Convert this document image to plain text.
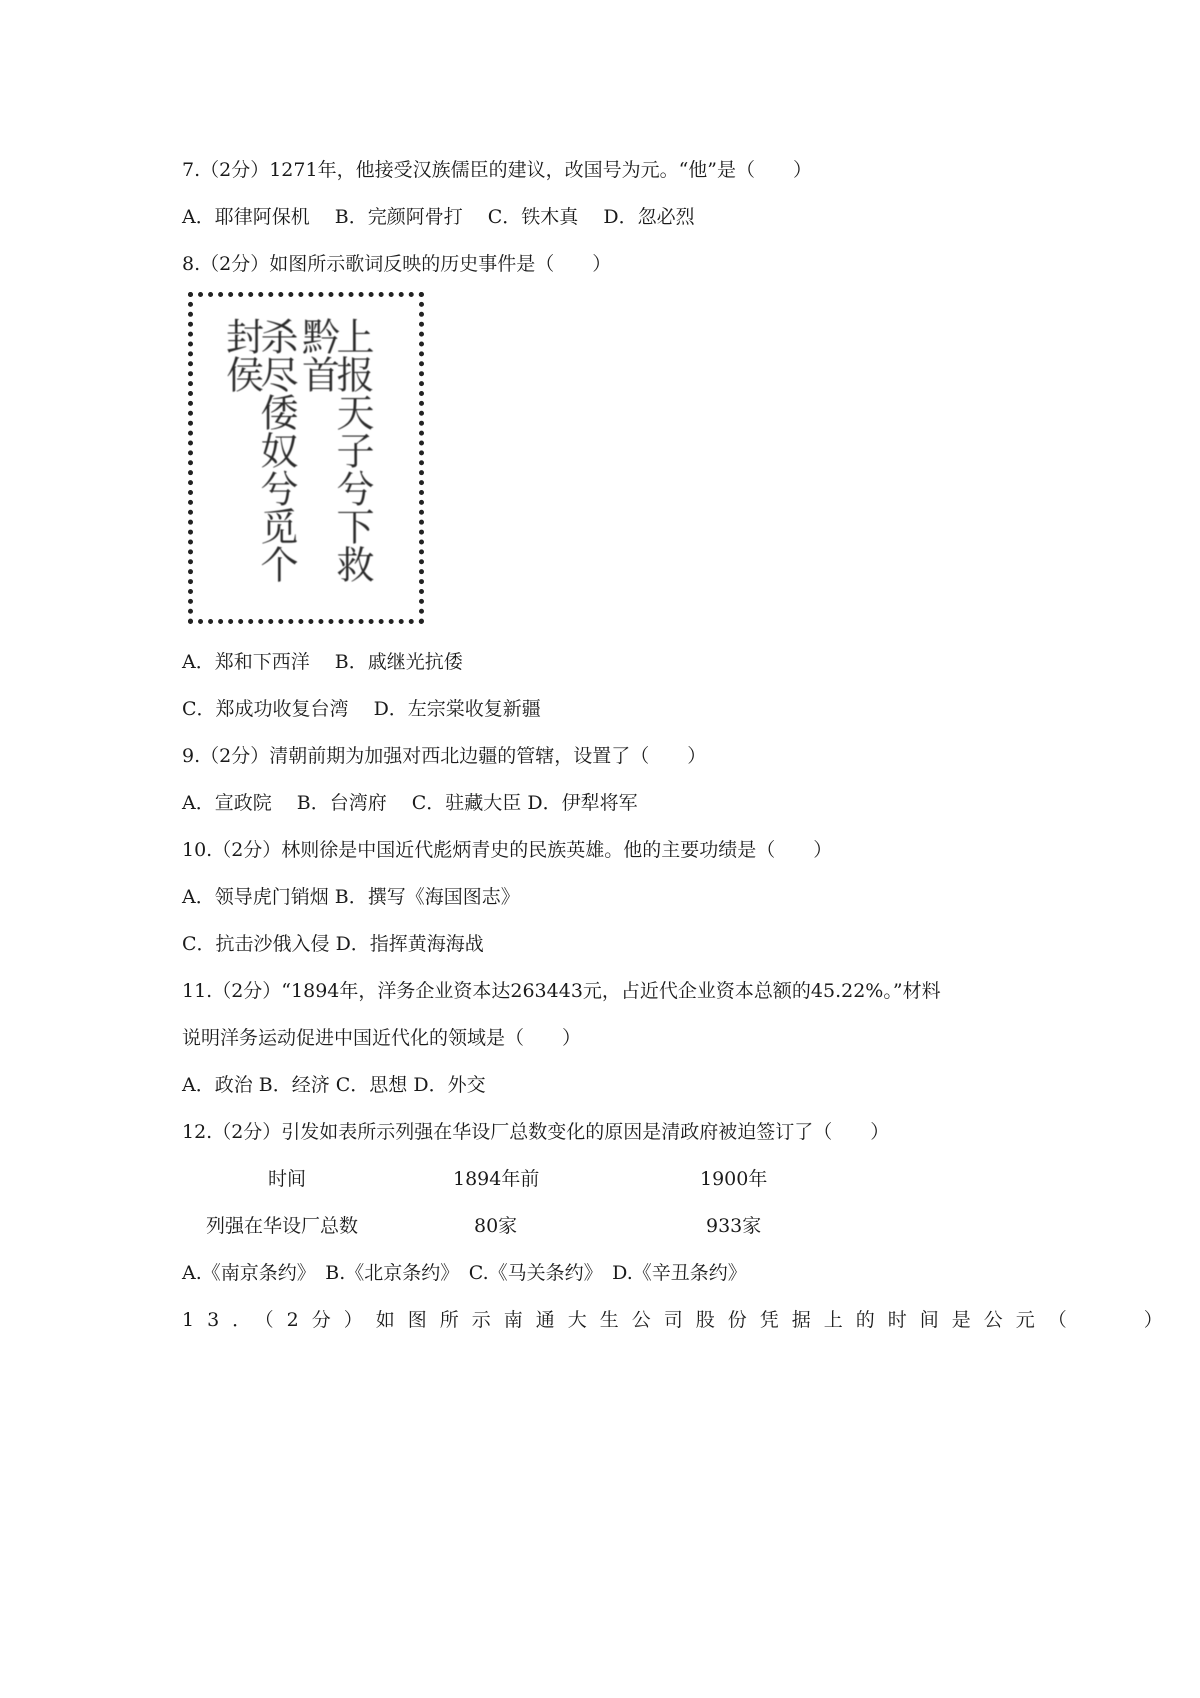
7.（2分）1271年，他接受汉族儒臣的建议，改国号为元。“他”是（　　）
A．耶律阿保机　 B．完颜阿骨打　 C．铁木真　 D．忽必烈
8.（2分）如图所示歌词反映的历史事件是（　　）
上报天子兮下救黔首
杀尽倭奴兮觅个封侯
A．郑和下西洋　 B．戚继光抗倭
C．郑成功收复台湾　 D．左宗棠收复新疆
9.（2分）清朝前期为加强对西北边疆的管辖，设置了（　　）
A．宣政院　 B．台湾府　 C．驻藏大臣 D．伊犁将军
10.（2分）林则徐是中国近代彪炳青史的民族英雄。他的主要功绩是（　　）
A．领导虎门销烟 B．撰写《海国图志》
C．抗击沙俄入侵 D．指挥黄海海战
11.（2分）“1894年，洋务企业资本达263443元，占近代企业资本总额的45.22%。”材料
说明洋务运动促进中国近代化的领域是（　　）
A．政治 B．经济 C．思想 D．外交
12.（2分）引发如表所示列强在华设厂总数变化的原因是清政府被迫签订了（　　）
时间	1894年前	1900年
列强在华设厂总数	80家	933家
A.《南京条约》　B.《北京条约》　C.《马关条约》　D.《辛丑条约》
13．（2分）如图所示南通大生公司股份凭据上的时间是公元（　　）
